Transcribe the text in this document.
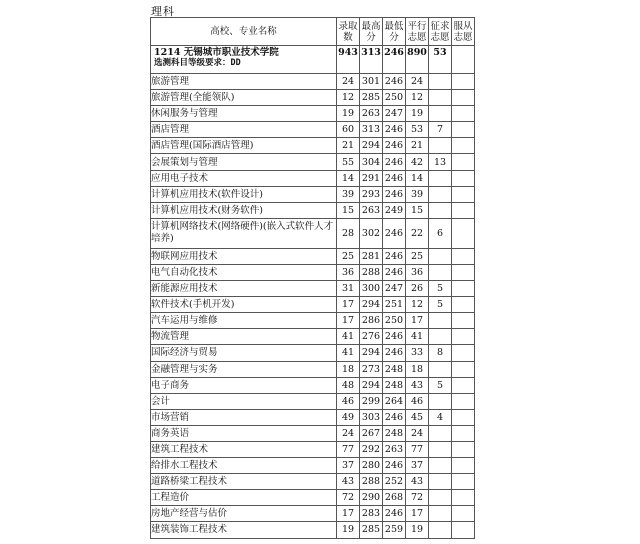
理科
高校、专业名称	录取数	最高分	最低分	平行志愿	征求志愿	服从志愿

1214 无锡城市职业技术学院
选测科目等级要求：DD	943	313	246	890	53	
旅游管理	24	301	246	24		
旅游管理(全能领队)	12	285	250	12		
休闲服务与管理	19	263	247	19		
酒店管理	60	313	246	53	7	
酒店管理(国际酒店管理)	21	294	246	21		
会展策划与管理	55	304	246	42	13	
应用电子技术	14	291	246	14		
计算机应用技术(软件设计)	39	293	246	39		
计算机应用技术(财务软件)	15	263	249	15		
计算机网络技术(网络硬件)(嵌入式软件人才培养)	28	302	246	22	6	
物联网应用技术	25	281	246	25		
电气自动化技术	36	288	246	36		
新能源应用技术	31	300	247	26	5	
软件技术(手机开发)	17	294	251	12	5	
汽车运用与维修	17	286	250	17		
物流管理	41	276	246	41		
国际经济与贸易	41	294	246	33	8	
金融管理与实务	18	273	248	18		
电子商务	48	294	248	43	5	
会计	46	299	264	46		
市场营销	49	303	246	45	4	
商务英语	24	267	248	24		
建筑工程技术	77	292	263	77		
给排水工程技术	37	280	246	37		
道路桥梁工程技术	43	288	252	43		
工程造价	72	290	268	72		
房地产经营与估价	17	283	246	17		
建筑装饰工程技术	19	285	259	19		
